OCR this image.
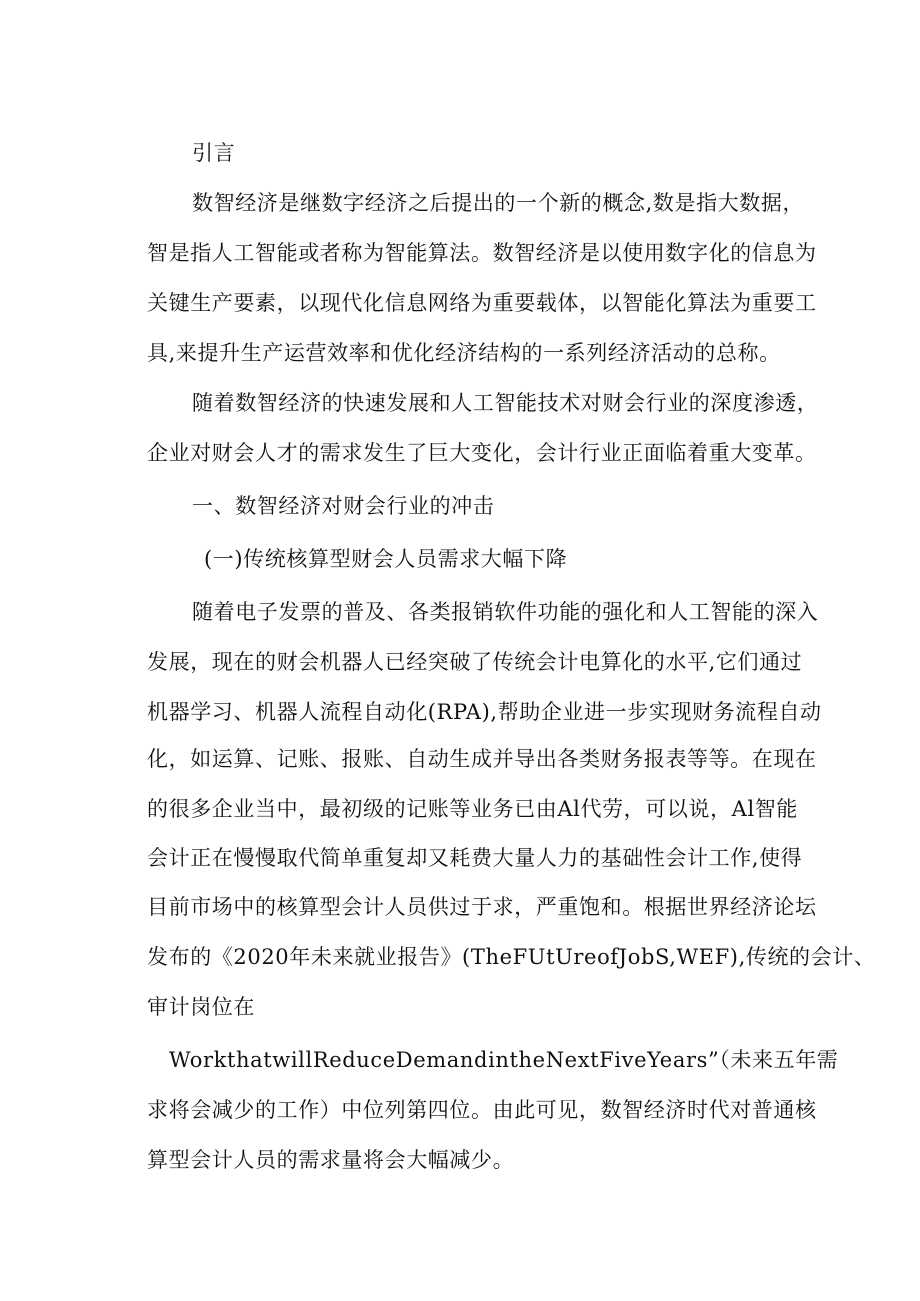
引言
数智经济是继数字经济之后提出的一个新的概念,数是指大数据，
智是指人工智能或者称为智能算法。数智经济是以使用数字化的信息为
关键生产要素，以现代化信息网络为重要载体，以智能化算法为重要工
具,来提升生产运营效率和优化经济结构的一系列经济活动的总称。
随着数智经济的快速发展和人工智能技术对财会行业的深度渗透，
企业对财会人才的需求发生了巨大变化，会计行业正面临着重大变革。
一、数智经济对财会行业的冲击
(一)传统核算型财会人员需求大幅下降
随着电子发票的普及、各类报销软件功能的强化和人工智能的深入
发展，现在的财会机器人已经突破了传统会计电算化的水平,它们通过
机器学习、机器人流程自动化(RPA),帮助企业进一步实现财务流程自动
化，如运算、记账、报账、自动生成并导出各类财务报表等等。在现在
的很多企业当中，最初级的记账等业务已由Al代劳，可以说，Al智能
会计正在慢慢取代简单重复却又耗费大量人力的基础性会计工作,使得
目前市场中的核算型会计人员供过于求，严重饱和。根据世界经济论坛
发布的《2020年未来就业报告》(TheFUtUreofJobS,WEF),传统的会计、
审计岗位在
WorkthatwillReduceDemandintheNextFiveYears”（未来五年需
求将会减少的工作）中位列第四位。由此可见，数智经济时代对普通核
算型会计人员的需求量将会大幅减少。
